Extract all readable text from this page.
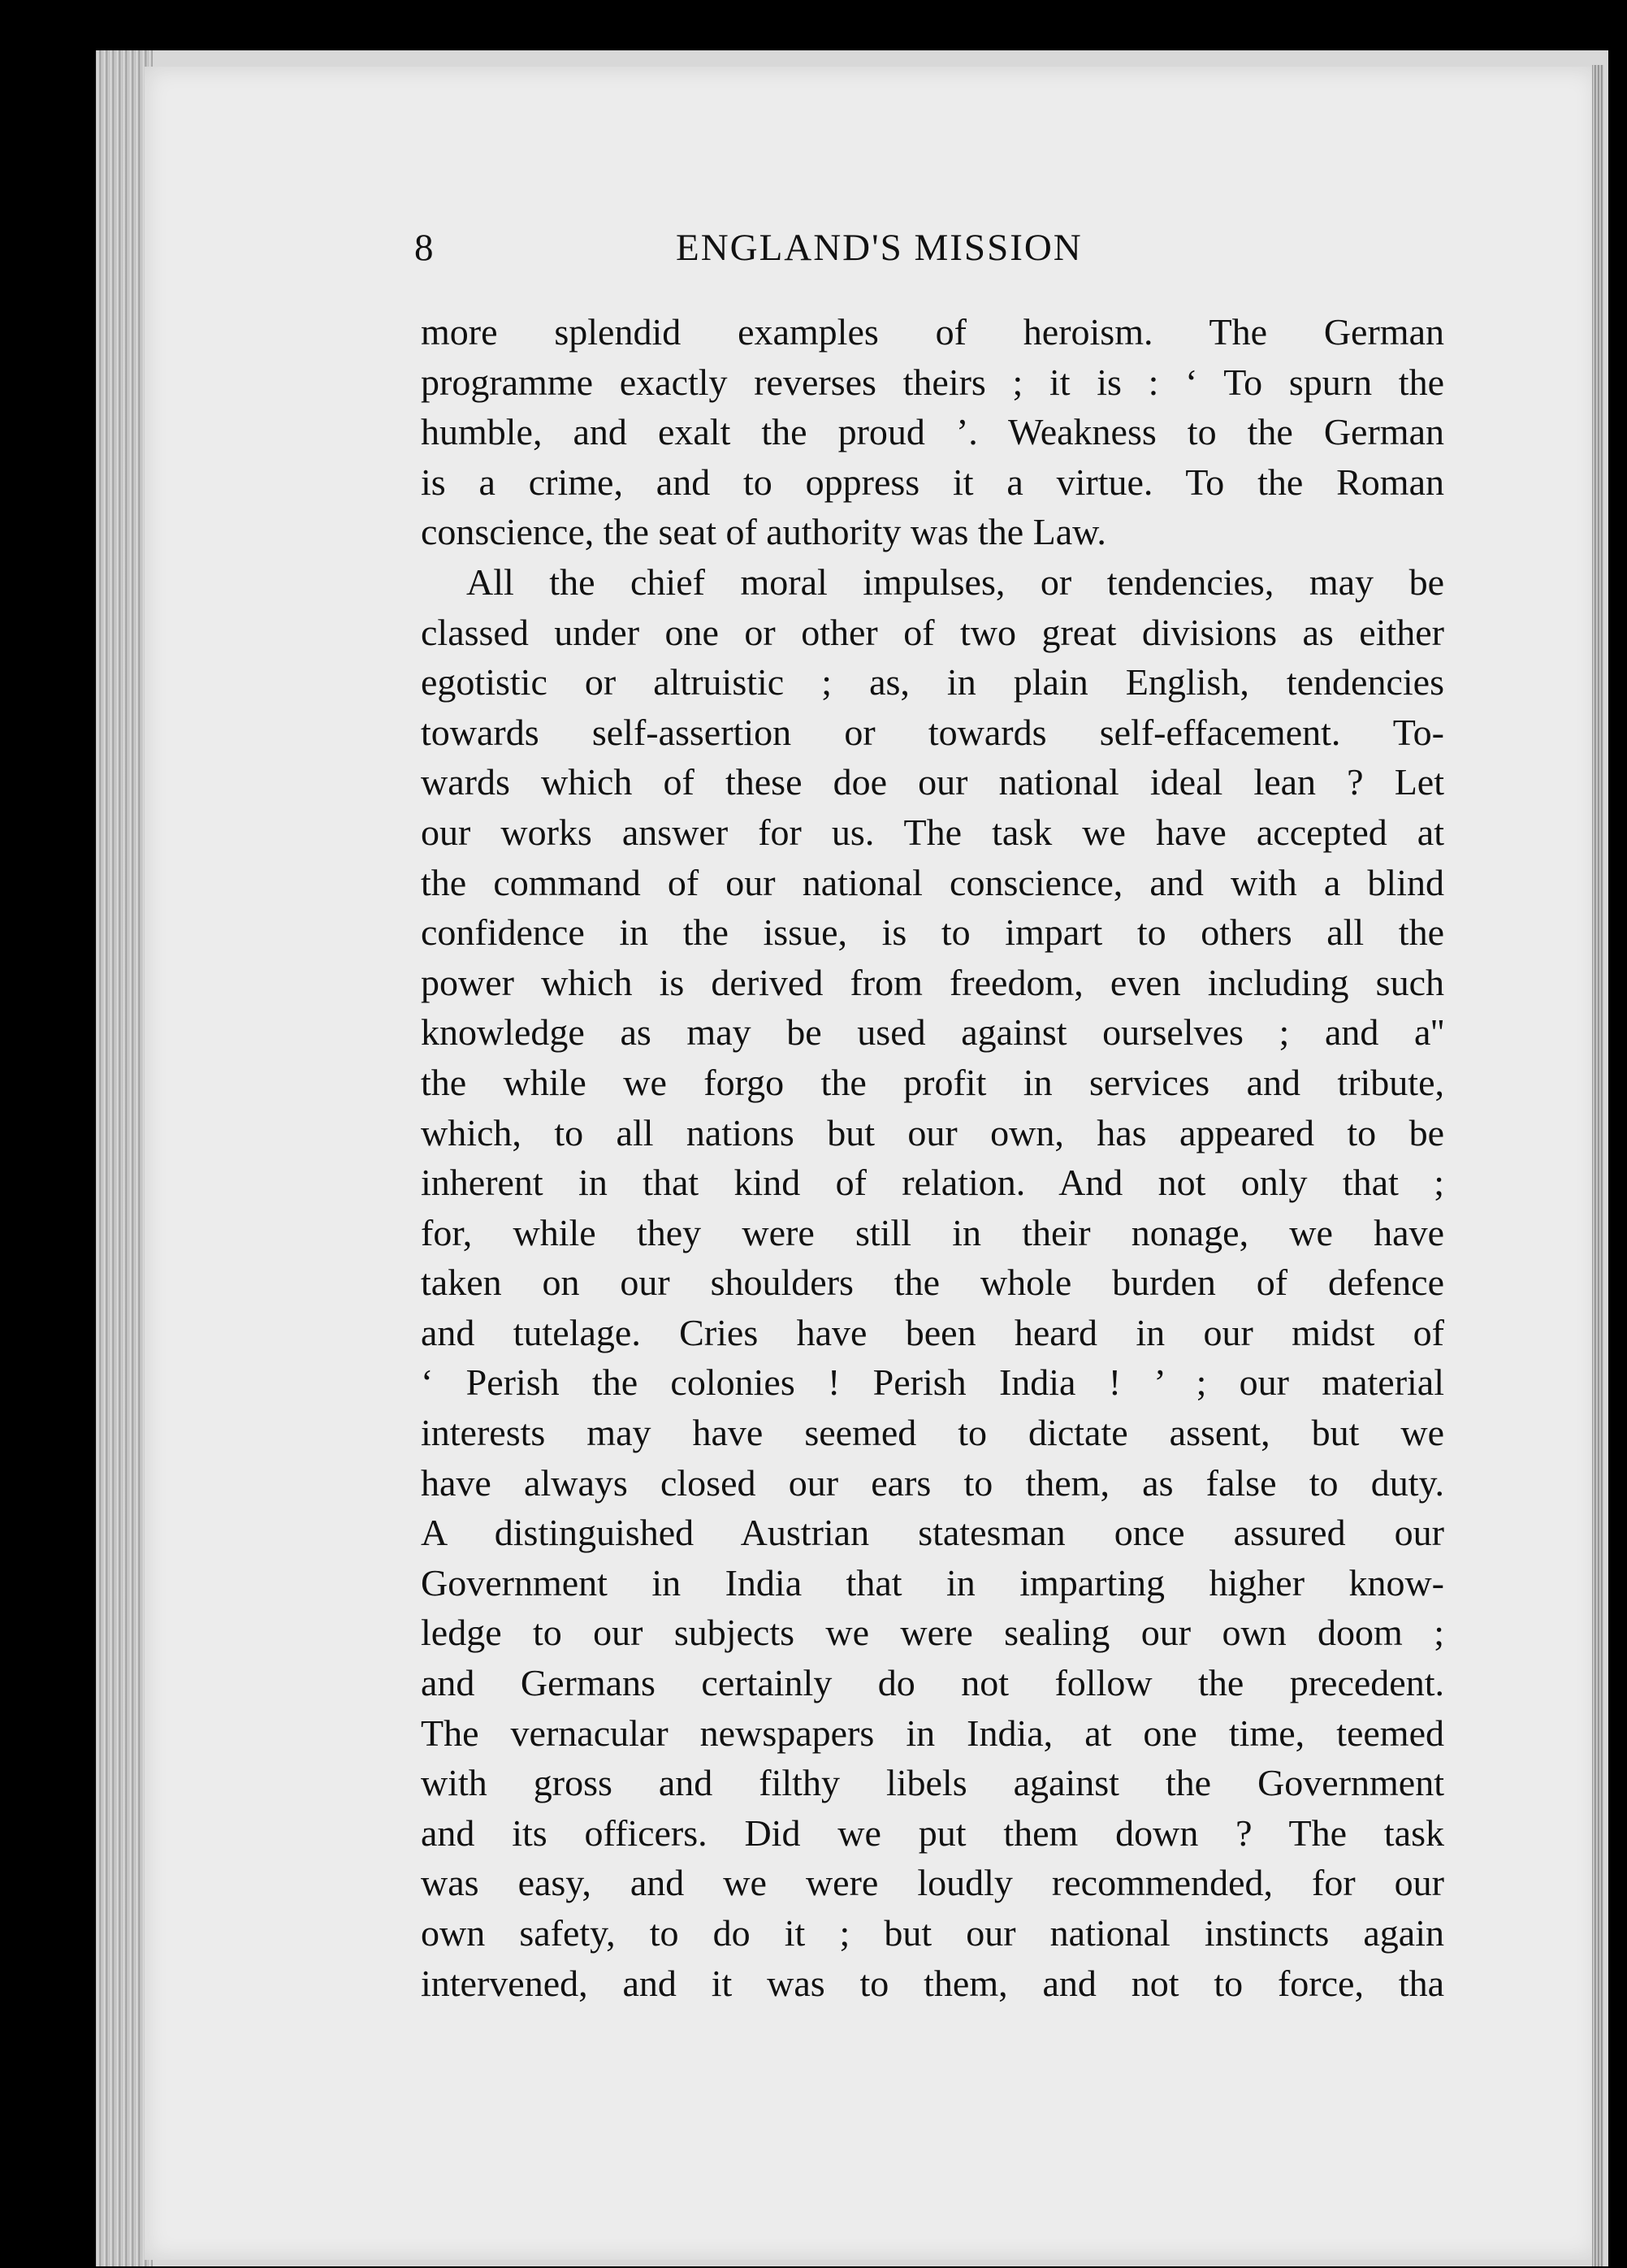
8	ENGLAND'S MISSION
more splendid examples of heroism. The German
programme exactly reverses theirs ; it is : ‘ To spurn the
humble, and exalt the proud ’. Weakness to the German
is a crime, and to oppress it a virtue. To the Roman
conscience, the seat of authority was the Law.
All the chief moral impulses, or tendencies, may be
classed under one or other of two great divisions as either
egotistic or altruistic ; as, in plain English, tendencies
towards self-assertion or towards self-effacement. To-
wards which of these doe our national ideal lean ? Let
our works answer for us. The task we have accepted at
the command of our national conscience, and with a blind
confidence in the issue, is to impart to others all the
power which is derived from freedom, even including such
knowledge as may be used against ourselves ; and a''
the while we forgo the profit in services and tribute,
which, to all nations but our own, has appeared to be
inherent in that kind of relation. And not only that ;
for, while they were still in their nonage, we have
taken on our shoulders the whole burden of defence
and tutelage. Cries have been heard in our midst of
‘ Perish the colonies ! Perish India ! ’ ; our material
interests may have seemed to dictate assent, but we
have always closed our ears to them, as false to duty.
A distinguished Austrian statesman once assured our
Government in India that in imparting higher know-
ledge to our subjects we were sealing our own doom ;
and Germans certainly do not follow the precedent.
The vernacular newspapers in India, at one time, teemed
with gross and filthy libels against the Government
and its officers. Did we put them down ? The task
was easy, and we were loudly recommended, for our
own safety, to do it ; but our national instincts again
intervened, and it was to them, and not to force, tha
